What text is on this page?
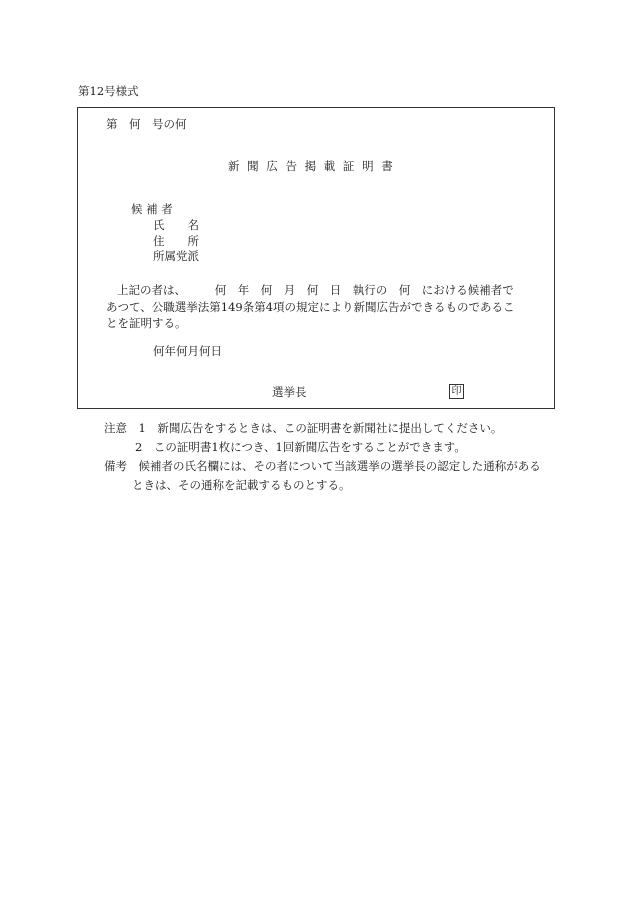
第12号様式
第　何　号の何
新 聞 広 告 掲 載 証 明 書
候 補 者
氏　　名
住　　所
所属党派
上記の者は、　　　何　年　何　月　何　日　執行の　何　における候補者で
あつて、公職選挙法第149条第4項の規定により新聞広告ができるものであるこ
とを証明する。
何年何月何日
選挙長	印
注意　1　新聞広告をするときは、この証明書を新聞社に提出してください。
2　この証明書1枚につき、1回新聞広告をすることができます。
備考　候補者の氏名欄には、その者について当該選挙の選挙長の認定した通称がある
ときは、その通称を記載するものとする。
